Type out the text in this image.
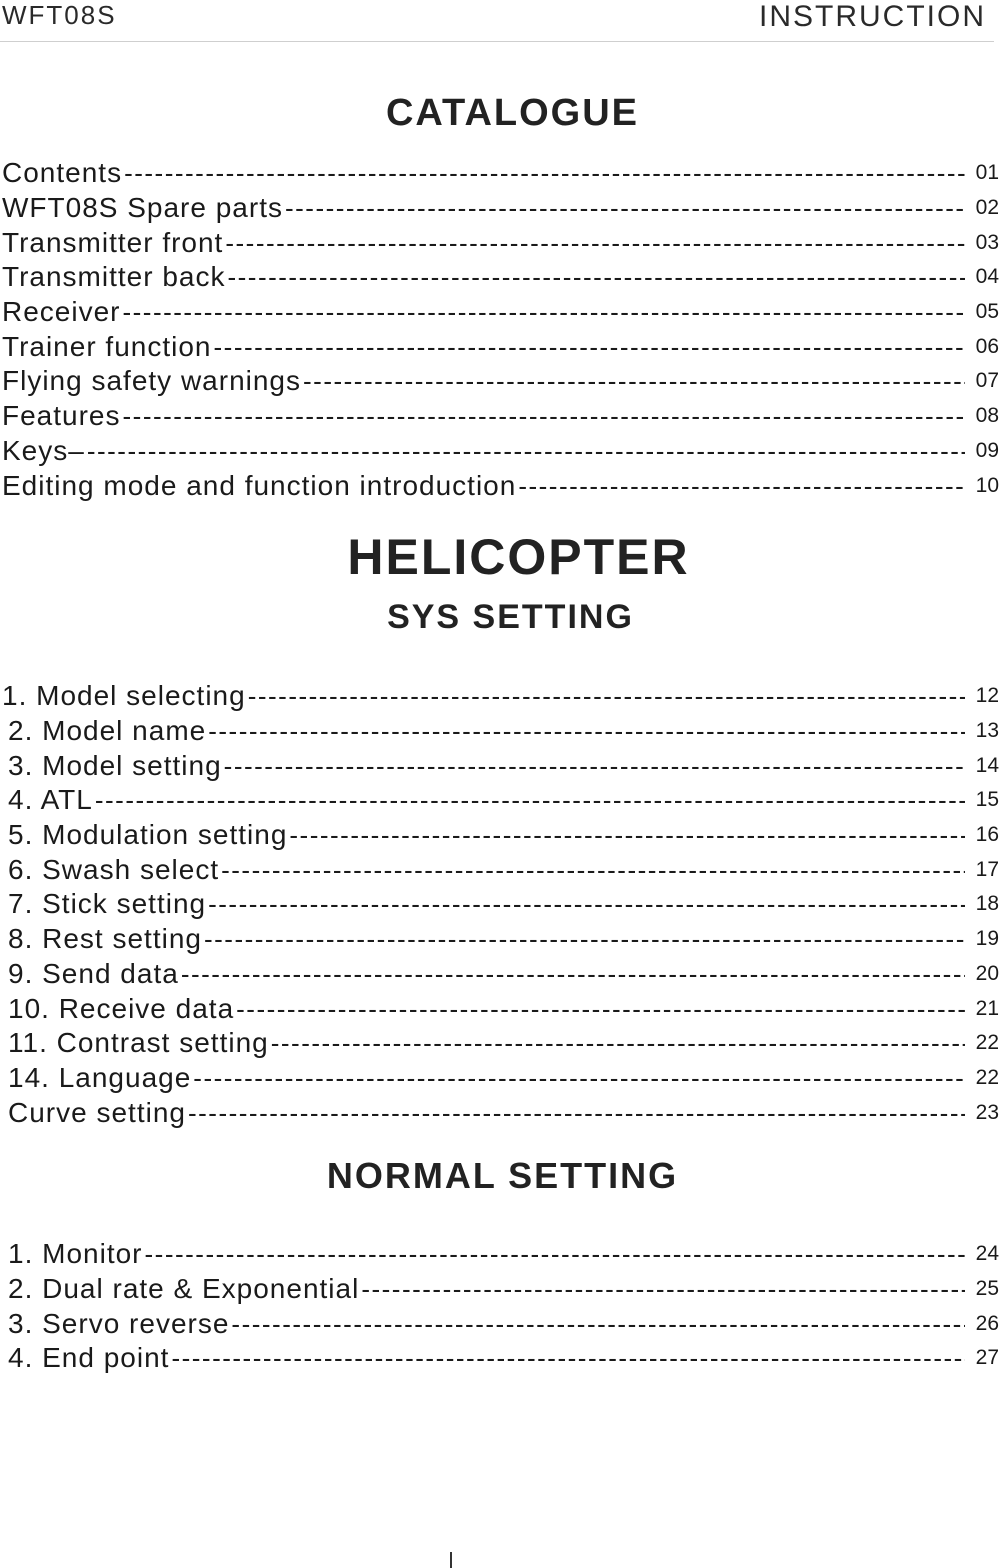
WFT08S	INSTRUCTION
CATALOGUE
Contents -----	01
WFT08S Spare parts -----	02
Transmitter front -----	03
Transmitter back -----	04
Receiver -----	05
Trainer function -----	06
Flying safety warnings -----	07
Features -----	08
Keys– -----	09
Editing mode and function introduction -----	10
HELICOPTER
SYS SETTING
1. Model selecting -----	12
2. Model name -----	13
3. Model setting -----	14
4. ATL -----	15
5. Modulation setting -----	16
6. Swash select -----	17
7. Stick setting -----	18
8. Rest setting -----	19
9. Send data -----	20
10. Receive data -----	21
11. Contrast setting -----	22
14. Language -----	22
Curve setting -----	23
NORMAL SETTING
1. Monitor -----	24
2. Dual rate & Exponential -----	25
3. Servo reverse -----	26
4. End point -----	27
